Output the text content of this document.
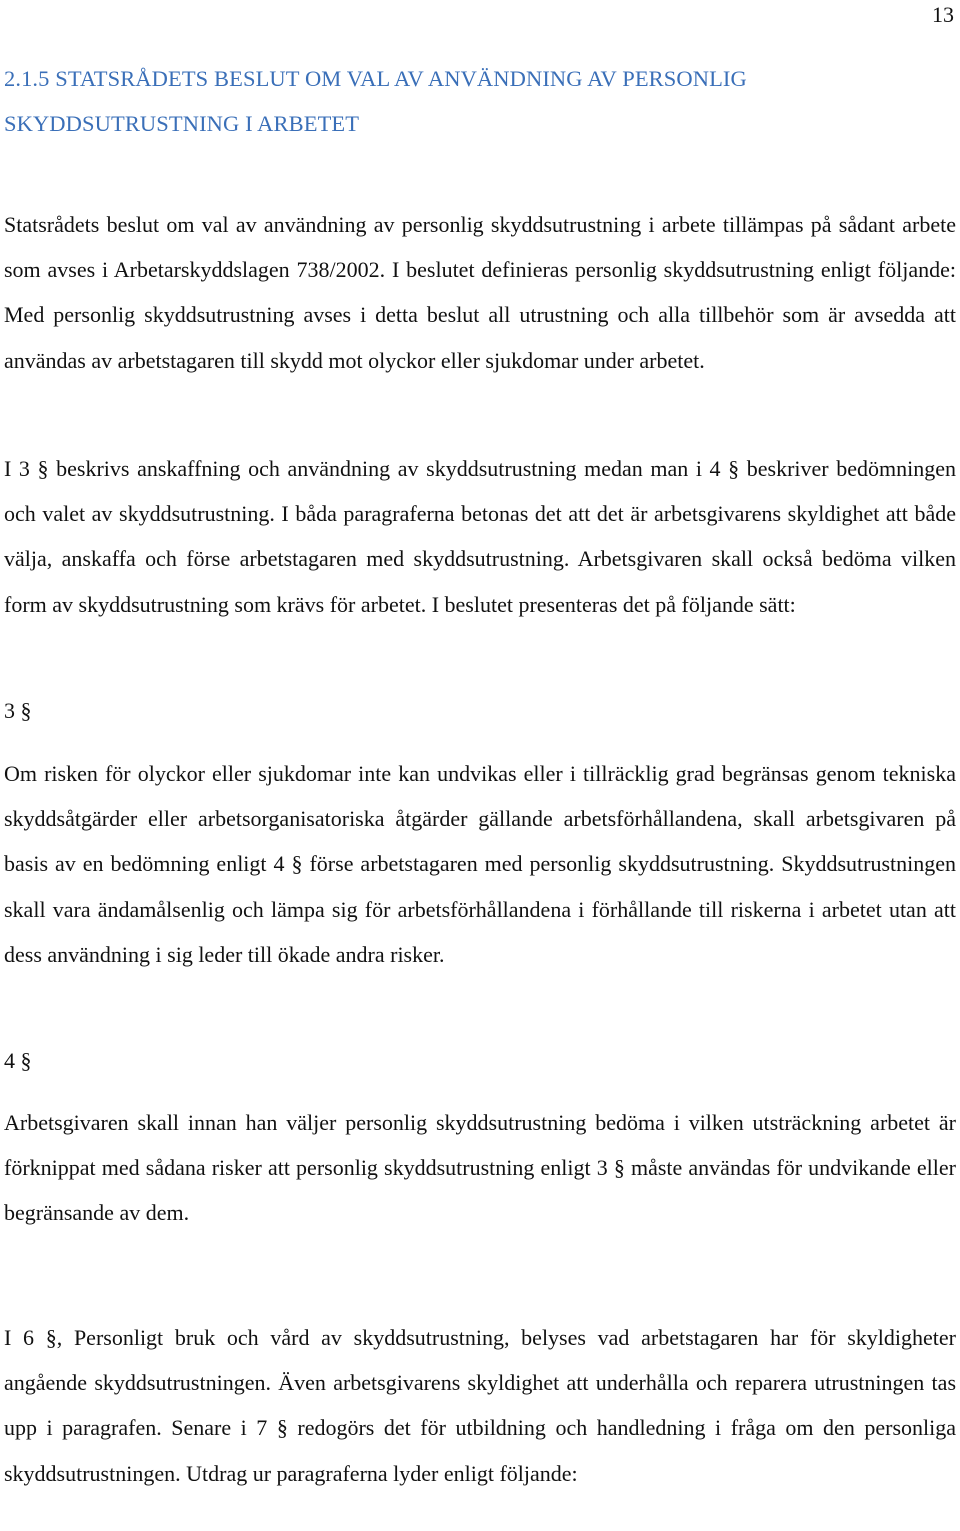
13
2.1.5 STATSRÅDETS BESLUT OM VAL AV ANVÄNDNING AV PERSONLIG SKYDDSUTRUSTNING I ARBETET

Statsrådets beslut om val av användning av personlig skyddsutrustning i arbete tillämpas på sådant arbete som avses i Arbetarskyddslagen 738/2002. I beslutet definieras personlig skyddsutrustning enligt följande: Med personlig skyddsutrustning avses i detta beslut all utrustning och alla tillbehör som är avsedda att användas av arbetstagaren till skydd mot olyckor eller sjukdomar under arbetet.

I 3 § beskrivs anskaffning och användning av skyddsutrustning medan man i 4 § beskriver bedömningen och valet av skyddsutrustning. I båda paragraferna betonas det att det är arbetsgivarens skyldighet att både välja, anskaffa och förse arbetstagaren med skyddsutrustning. Arbetsgivaren skall också bedöma vilken form av skyddsutrustning som krävs för arbetet. I beslutet presenteras det på följande sätt:

3 §

Om risken för olyckor eller sjukdomar inte kan undvikas eller i tillräcklig grad begränsas genom tekniska skyddsåtgärder eller arbetsorganisatoriska åtgärder gällande arbetsförhållandena, skall arbetsgivaren på basis av en bedömning enligt 4 § förse arbetstagaren med personlig skyddsutrustning. Skyddsutrustningen skall vara ändamålsenlig och lämpa sig för arbetsförhållandena i förhållande till riskerna i arbetet utan att dess användning i sig leder till ökade andra risker.

4 §

Arbetsgivaren skall innan han väljer personlig skyddsutrustning bedöma i vilken utsträckning arbetet är förknippat med sådana risker att personlig skyddsutrustning enligt 3 § måste användas för undvikande eller begränsande av dem.

I 6 §, Personligt bruk och vård av skyddsutrustning, belyses vad arbetstagaren har för skyldigheter angående skyddsutrustningen. Även arbetsgivarens skyldighet att underhålla och reparera utrustningen tas upp i paragrafen. Senare i 7 § redogörs det för utbildning och handledning i fråga om den personliga skyddsutrustningen. Utdrag ur paragraferna lyder enligt följande:
